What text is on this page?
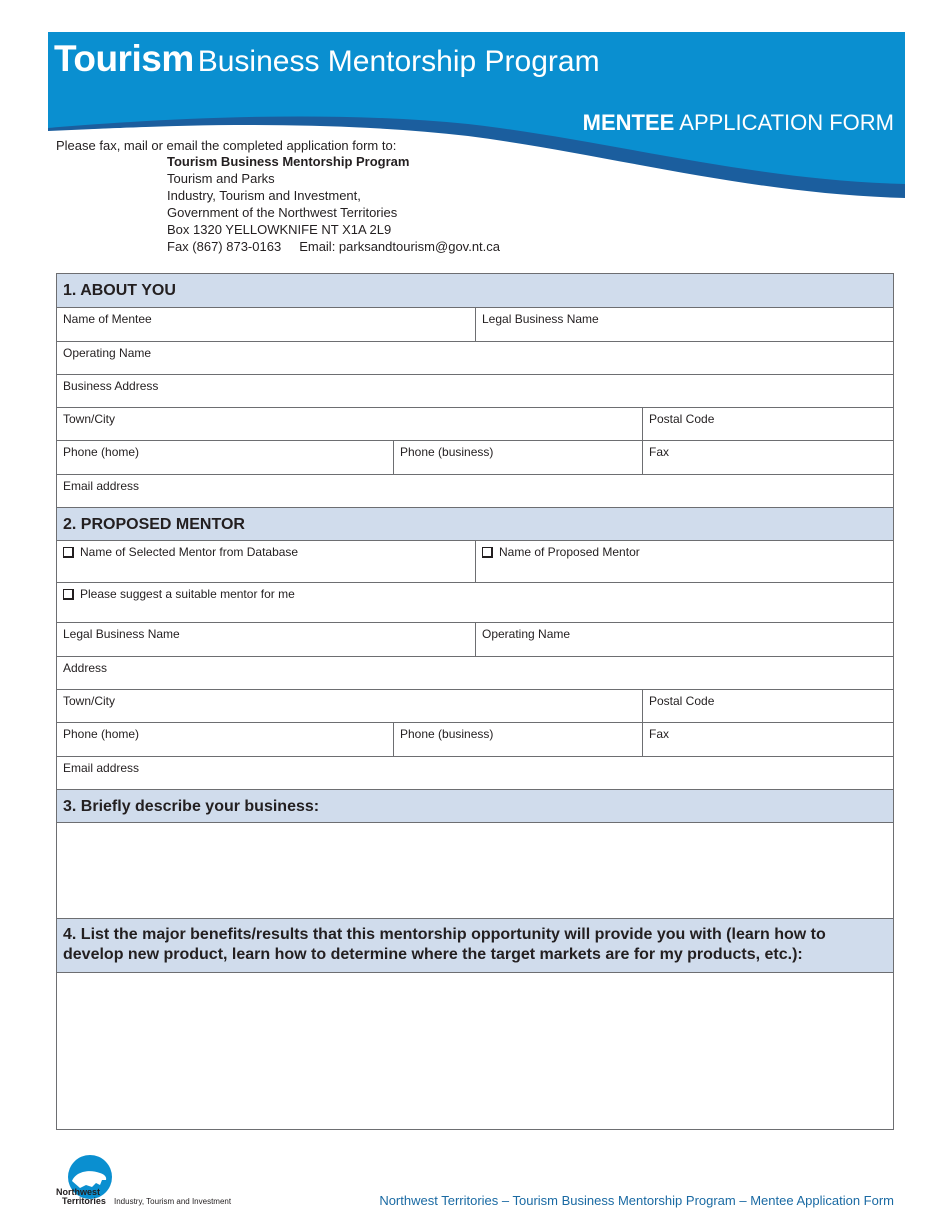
Tourism Business Mentorship Program
MENTEE APPLICATION FORM
Please fax, mail or email the completed application form to:
Tourism Business Mentorship Program
Tourism and Parks
Industry, Tourism and Investment,
Government of the Northwest Territories
Box 1320 YELLOWKNIFE NT X1A 2L9
Fax (867) 873-0163 Email: parksandtourism@gov.nt.ca
1. ABOUT YOU
Name of Mentee	Legal Business Name
Operating Name
Business Address
Town/City	Postal Code
Phone (home)	Phone (business)	Fax
Email address
2. PROPOSED MENTOR
Name of Selected Mentor from Database	Name of Proposed Mentor
Please suggest a suitable mentor for me
Legal Business Name	Operating Name
Address
Town/City	Postal Code
Phone (home)	Phone (business)	Fax
Email address
3. Briefly describe your business:
4. List the major benefits/results that this mentorship opportunity will provide you with (learn how to develop new product, learn how to determine where the target markets are for my products, etc.):
Northwest
Territories Industry, Tourism and Investment	Northwest Territories – Tourism Business Mentorship Program – Mentee Application Form
